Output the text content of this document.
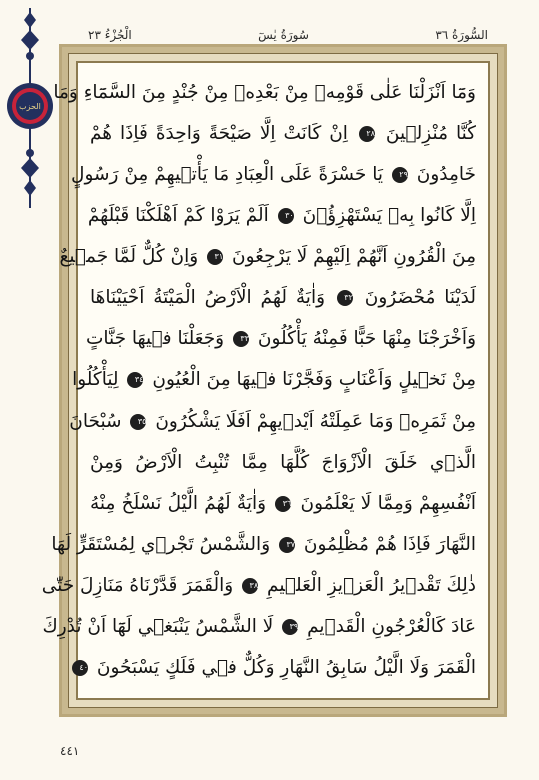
السُّورَةُ ٣٦
سُورَةُ يٰسٓ
الْجُزْءُ ٢٣
الحزب
وَمَٓا اَنْزَلْنَا عَلٰى قَوْمِهٖ مِنْ بَعْدِهٖ مِنْ جُنْدٍ مِنَ السَّمَٓاءِ وَمَا
كُنَّا مُنْزِل۪ينَ ٢٨ اِنْ كَانَتْ اِلَّا صَيْحَةً وَاحِدَةً فَاِذَا هُمْ
خَامِدُونَ ٢٩ يَا حَسْرَةً عَلَى الْعِبَادِ مَا يَأْت۪يهِمْ مِنْ رَسُولٍ
اِلَّا كَانُوا بِهٖ يَسْتَهْزِؤُ۫نَ ٣٠ اَلَمْ يَرَوْا كَمْ اَهْلَكْنَا قَبْلَهُمْ
مِنَ الْقُرُونِ اَنَّهُمْ اِلَيْهِمْ لَا يَرْجِعُونَ ٣١ وَاِنْ كُلٌّ لَمَّا جَم۪يعٌ
لَدَيْنَا مُحْضَرُونَ ٣٢ وَاٰيَةٌ لَهُمُ الْاَرْضُ الْمَيْتَةُ اَحْيَيْنَاهَا
وَاَخْرَجْنَا مِنْهَا حَبًّا فَمِنْهُ يَأْكُلُونَ ٣٣ وَجَعَلْنَا ف۪يهَا جَنَّاتٍ
مِنْ نَخ۪يلٍ وَاَعْنَابٍ وَفَجَّرْنَا ف۪يهَا مِنَ الْعُيُونِ ٣٤ لِيَأْكُلُوا
مِنْ ثَمَرِهٖ وَمَا عَمِلَتْهُ اَيْد۪يهِمْ اَفَلَا يَشْكُرُونَ ٣٥ سُبْحَانَ
الَّذ۪ي خَلَقَ الْاَزْوَاجَ كُلَّهَا مِمَّا تُنْبِتُ الْاَرْضُ وَمِنْ
اَنْفُسِهِمْ وَمِمَّا لَا يَعْلَمُونَ ٣٦ وَاٰيَةٌ لَهُمُ الَّيْلُ نَسْلَخُ مِنْهُ
النَّهَارَ فَاِذَا هُمْ مُظْلِمُونَ ٣٧ وَالشَّمْسُ تَجْر۪ي لِمُسْتَقَرٍّ لَهَا
ذٰلِكَ تَقْد۪يرُ الْعَز۪يزِ الْعَل۪يمِ ٣٨ وَالْقَمَرَ قَدَّرْنَاهُ مَنَازِلَ حَتّٰى
عَادَ كَالْعُرْجُونِ الْقَد۪يمِ ٣٩ لَا الشَّمْسُ يَنْبَغ۪ي لَهَٓا اَنْ تُدْرِكَ
الْقَمَرَ وَلَا الَّيْلُ سَابِقُ النَّهَارِ وَكُلٌّ ف۪ي فَلَكٍ يَسْبَحُونَ ٤٠
٤٤١
